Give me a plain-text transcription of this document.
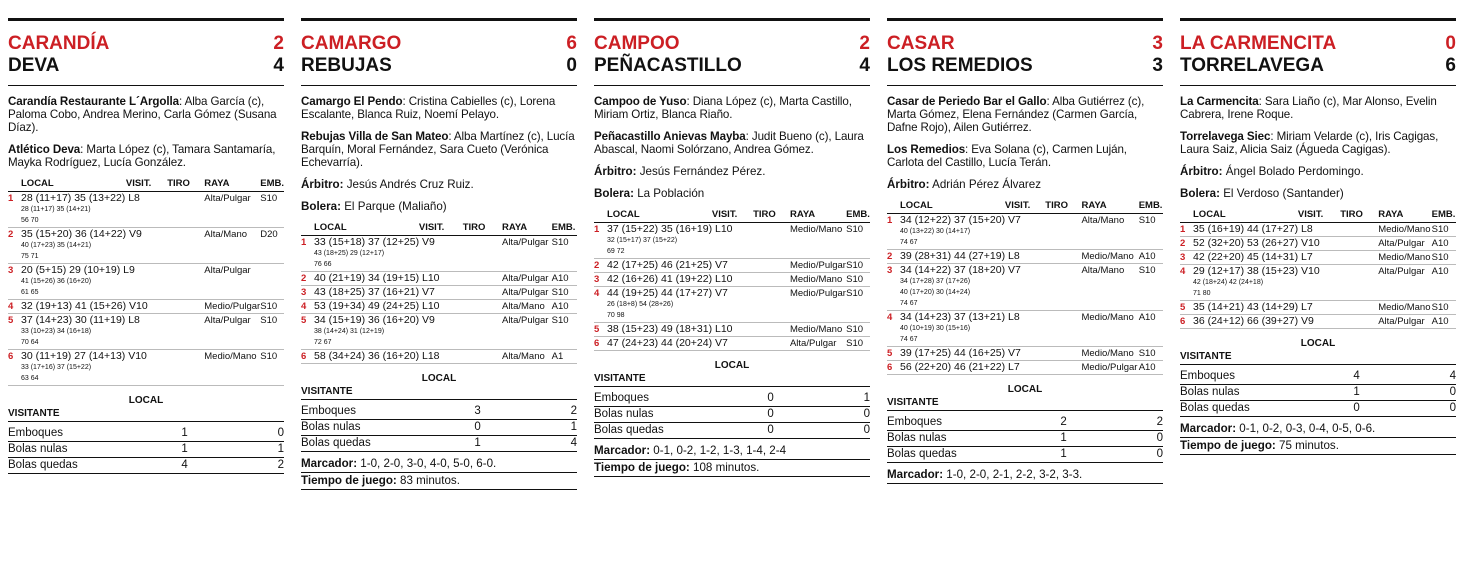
CARANDÍA	2
DEVA	4
Carandía Restaurante L´Argolla: Alba García (c), Paloma Cobo, Andrea Merino, Carla Gómez (Susana Díaz).
Atlético Deva: Marta López (c), Tamara Santamaría, Mayka Rodríguez, Lucía González.
	LOCAL	VISIT.	TIRO	RAYA	EMB.
1	28 (11+17) 35 (13+22) L8
28 (11+17) 35 (14+21)
56 70			Alta/Pulgar	S10
2	35 (15+20) 36 (14+22) V9
40 (17+23) 35 (14+21)
75 71			Alta/Mano	D20
3	20 (5+15) 29 (10+19) L9
41 (15+26) 36 (16+20)
61 65			Alta/Pulgar	
4	32 (19+13) 41 (15+26) V10			Medio/Pulgar	S10
5	37 (14+23) 30 (11+19) L8
33 (10+23) 34 (16+18)
70 64			Alta/Pulgar	S10
6	30 (11+19) 27 (14+13) V10
33 (17+16) 37 (15+22)
63 64			Medio/Mano	S10
LOCAL
VISITANTE
Emboques	1	0
Bolas nulas	1	1
Bolas quedas	4	2
CAMARGO	6
REBUJAS	0
Camargo El Pendo: Cristina Cabielles (c), Lorena Escalante, Blanca Ruiz, Noemí Pelayo.
Rebujas Villa de San Mateo: Alba Martínez (c), Lucía Barquín, Moral Fernández, Sara Cueto (Verónica Echevarría).
Árbitro: Jesús Andrés Cruz Ruiz.
Bolera: El Parque (Maliaño)
	LOCAL	VISIT.	TIRO	RAYA	EMB.
1	33 (15+18) 37 (12+25) V9
43 (18+25) 29 (12+17)
76 66			Alta/Pulgar	S10
2	40 (21+19) 34 (19+15) L10			Alta/Pulgar	A10
3	43 (18+25) 37 (16+21) V7			Alta/Pulgar	S10
4	53 (19+34) 49 (24+25) L10			Alta/Mano	A10
5	34 (15+19) 36 (16+20) V9
38 (14+24) 31 (12+19)
72 67			Alta/Pulgar	S10
6	58 (34+24) 36 (16+20) L18			Alta/Mano	A1
LOCAL
VISITANTE
Emboques	3	2
Bolas nulas	0	1
Bolas quedas	1	4
Marcador: 1-0, 2-0, 3-0, 4-0, 5-0, 6-0.
Tiempo de juego: 83 minutos.
CAMPOO	2
PEÑACASTILLO	4
Campoo de Yuso: Diana López (c), Marta Castillo, Miriam Ortiz, Blanca Riaño.
Peñacastillo Anievas Mayba: Judit Bueno (c), Laura Abascal, Naomi Solórzano, Andrea Gómez.
Árbitro: Jesús Fernández Pérez.
Bolera: La Población
	LOCAL	VISIT.	TIRO	RAYA	EMB.
1	37 (15+22) 35 (16+19) L10
32 (15+17) 37 (15+22)
69 72			Medio/Mano	S10
2	42 (17+25) 46 (21+25) V7			Medio/Pulgar	S10
3	42 (16+26) 41 (19+22) L10			Medio/Mano	S10
4	44 (19+25) 44 (17+27) V7
26 (18+8) 54 (28+26)
70 98			Medio/Pulgar	S10
5	38 (15+23) 49 (18+31) L10			Medio/Mano	S10
6	47 (24+23) 44 (20+24) V7			Alta/Pulgar	S10
LOCAL
VISITANTE
Emboques	0	1
Bolas nulas	0	0
Bolas quedas	0	0
Marcador: 0-1, 0-2, 1-2, 1-3, 1-4, 2-4
Tiempo de juego: 108 minutos.
CASAR	3
LOS REMEDIOS	3
Casar de Periedo Bar el Gallo: Alba Gutiérrez (c), Marta Gómez, Elena Fernández (Carmen García, Dafne Rojo), Ailen Gutiérrez.
Los Remedios: Eva Solana (c), Carmen Luján, Carlota del Castillo, Lucía Terán.
Árbitro: Adrián Pérez Álvarez
	LOCAL	VISIT.	TIRO	RAYA	EMB.
1	34 (12+22) 37 (15+20) V7
40 (13+22) 30 (14+17)
74 67			Alta/Mano	S10
2	39 (28+31) 44 (27+19) L8			Medio/Mano	A10
3	34 (14+22) 37 (18+20) V7
34 (17+28) 37 (17+26)
40 (17+20) 30 (14+24)
74 67			Alta/Mano	S10
4	34 (14+23) 37 (13+21) L8
40 (10+19) 30 (15+16)
74 67			Medio/Mano	A10
5	39 (17+25) 44 (16+25) V7			Medio/Mano	S10
6	56 (22+20) 46 (21+22) L7			Medio/Pulgar	A10
LOCAL
VISITANTE
Emboques	2	2
Bolas nulas	1	0
Bolas quedas	1	0
Marcador: 1-0, 2-0, 2-1, 2-2, 3-2, 3-3.
LA CARMENCITA	0
TORRELAVEGA	6
La Carmencita: Sara Liaño (c), Mar Alonso, Evelin Cabrera, Irene Roque.
Torrelavega Siec: Miriam Velarde (c), Iris Cagigas, Laura Saiz, Alicia Saiz (Águeda Cagigas).
Árbitro: Ángel Bolado Perdomingo.
Bolera: El Verdoso (Santander)
	LOCAL	VISIT.	TIRO	RAYA	EMB.
1	35 (16+19) 44 (17+27) L8			Medio/Mano	S10
2	52 (32+20) 53 (26+27) V10			Alta/Pulgar	A10
3	42 (22+20) 45 (14+31) L7			Medio/Mano	S10
4	29 (12+17) 38 (15+23) V10
42 (18+24) 42 (24+18)
71 80			Alta/Pulgar	A10
5	35 (14+21) 43 (14+29) L7			Medio/Mano	S10
6	36 (24+12) 66 (39+27) V9			Alta/Pulgar	A10
LOCAL
VISITANTE
Emboques	4	4
Bolas nulas	1	0
Bolas quedas	0	0
Marcador: 0-1, 0-2, 0-3, 0-4, 0-5, 0-6.
Tiempo de juego: 75 minutos.
